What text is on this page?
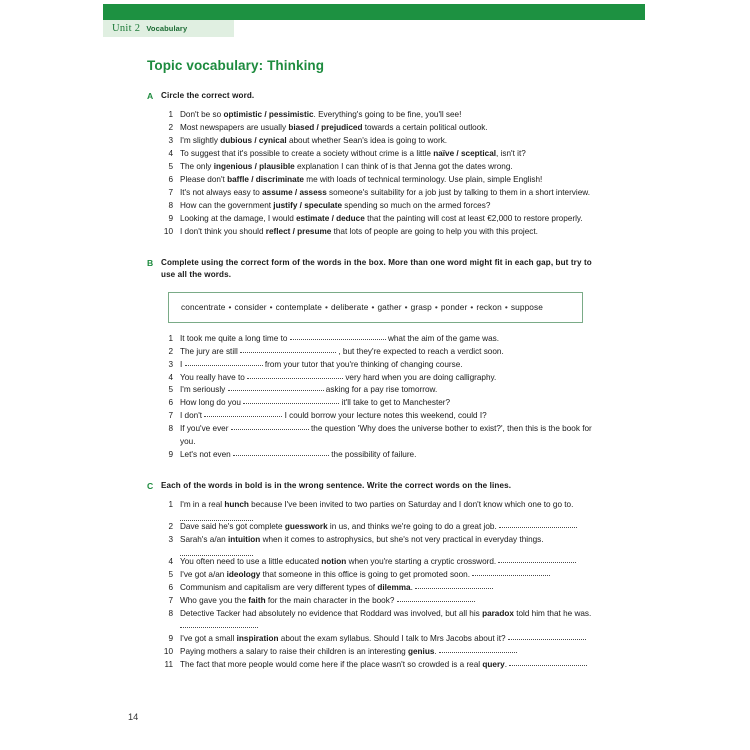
Unit 2 Vocabulary
Topic vocabulary: Thinking
A Circle the correct word.
1 Don't be so optimistic / pessimistic. Everything's going to be fine, you'll see!
2 Most newspapers are usually biased / prejudiced towards a certain political outlook.
3 I'm slightly dubious / cynical about whether Sean's idea is going to work.
4 To suggest that it's possible to create a society without crime is a little naïve / sceptical, isn't it?
5 The only ingenious / plausible explanation I can think of is that Jenna got the dates wrong.
6 Please don't baffle / discriminate me with loads of technical terminology. Use plain, simple English!
7 It's not always easy to assume / assess someone's suitability for a job just by talking to them in a short interview.
8 How can the government justify / speculate spending so much on the armed forces?
9 Looking at the damage, I would estimate / deduce that the painting will cost at least €2,000 to restore properly.
10 I don't think you should reflect / presume that lots of people are going to help you with this project.
B Complete using the correct form of the words in the box. More than one word might fit in each gap, but try to use all the words.
concentrate • consider • contemplate • deliberate • gather • grasp • ponder • reckon • suppose
1 It took me quite a long time to	what the aim of the game was.
2 The jury are still	, but they're expected to reach a verdict soon.
3 I	from your tutor that you're thinking of changing course.
4 You really have to	very hard when you are doing calligraphy.
5 I'm seriously	asking for a pay rise tomorrow.
6 How long do you	it'll take to get to Manchester?
7 I don't	I could borrow your lecture notes this weekend, could I?
8 If you've ever	the question 'Why does the universe bother to exist?', then this is the book for you.
9 Let's not even	the possibility of failure.
C Each of the words in bold is in the wrong sentence. Write the correct words on the lines.
1 I'm in a real hunch because I've been invited to two parties on Saturday and I don't know which one to go to.
2 Dave said he's got complete guesswork in us, and thinks we're going to do a great job.
3 Sarah's a/an intuition when it comes to astrophysics, but she's not very practical in everyday things.
4 You often need to use a little educated notion when you're starting a cryptic crossword.
5 I've got a/an ideology that someone in this office is going to get promoted soon.
6 Communism and capitalism are very different types of dilemma.
7 Who gave you the faith for the main character in the book?
8 Detective Tacker had absolutely no evidence that Roddard was involved, but all his paradox told him that he was.
9 I've got a small inspiration about the exam syllabus. Should I talk to Mrs Jacobs about it?
10 Paying mothers a salary to raise their children is an interesting genius.
11 The fact that more people would come here if the place wasn't so crowded is a real query.
14
